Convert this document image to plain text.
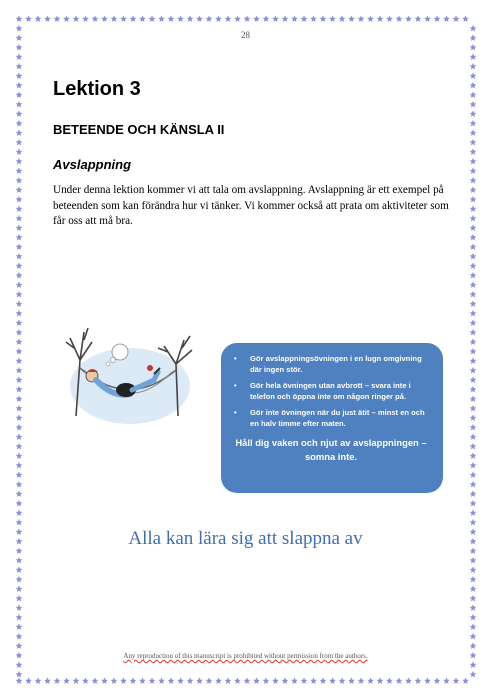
28
Lektion 3
BETEENDE OCH KÄNSLA II
Avslappning

Under denna lektion kommer vi att tala om avslappning. Avslappning är ett exempel på beteenden som kan förändra hur vi tänker. Vi kommer också att prata om aktiviteter som får oss att må bra.

• Gör avslappningsövningen i en lugn omgivning där ingen stör.
• Gör hela övningen utan avbrott – svara inte i telefon och öppna inte om någon ringer på.
• Gör inte övningen när du just ätit – minst en och en halv timme efter maten.
Håll dig vaken och njut av avslappningen – somna inte.
Alla kan lära sig att slappna av
Any reproduction of this manuscript is prohibited without permission from the authors.
